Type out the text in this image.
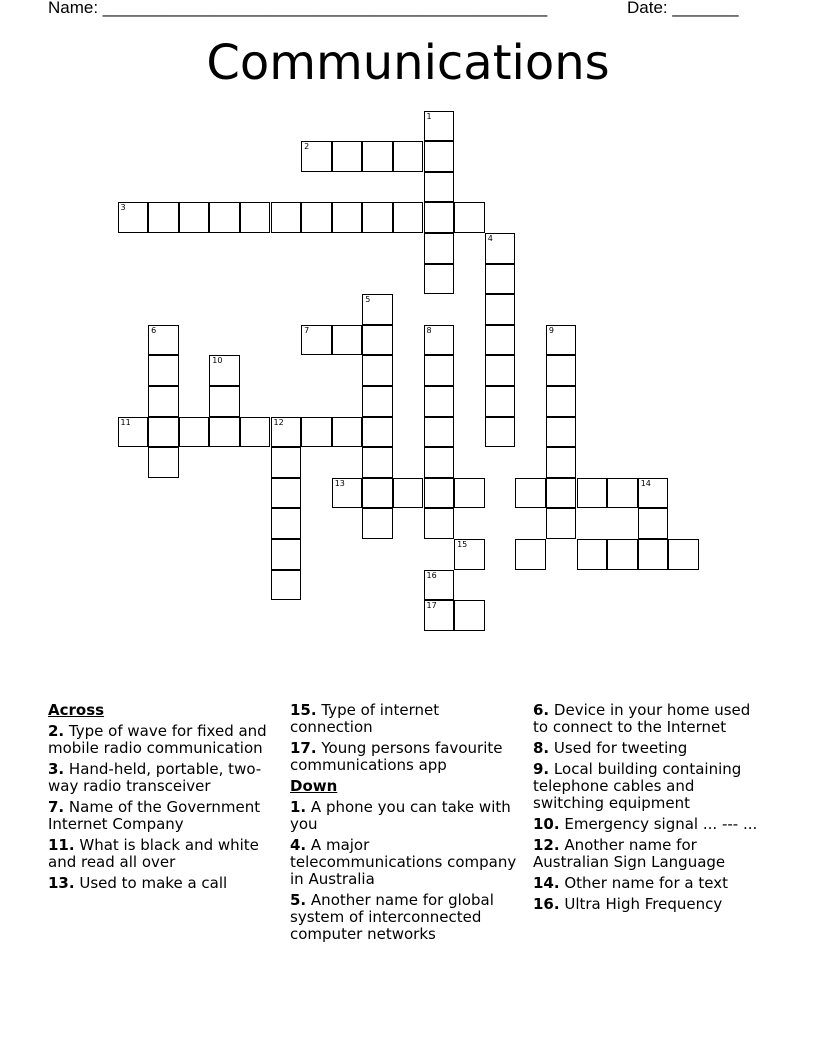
Name: _______________________________________________	Date: _______
Communications
1
2
3
4
5
6	7	8	9
10
11	12
13	14
15
16
17
Across
2. Type of wave for fixed and mobile radio communication
3. Hand-held, portable, two-way radio transceiver
7. Name of the Government Internet Company
11. What is black and white and read all over
13. Used to make a call
15. Type of internet connection
17. Young persons favourite communications app
Down
1. A phone you can take with you
4. A major telecommunications company in Australia
5. Another name for global system of interconnected computer networks
6. Device in your home used to connect to the Internet
8. Used for tweeting
9. Local building containing telephone cables and switching equipment
10. Emergency signal ... --- ...
12. Another name for Australian Sign Language
14. Other name for a text
16. Ultra High Frequency
